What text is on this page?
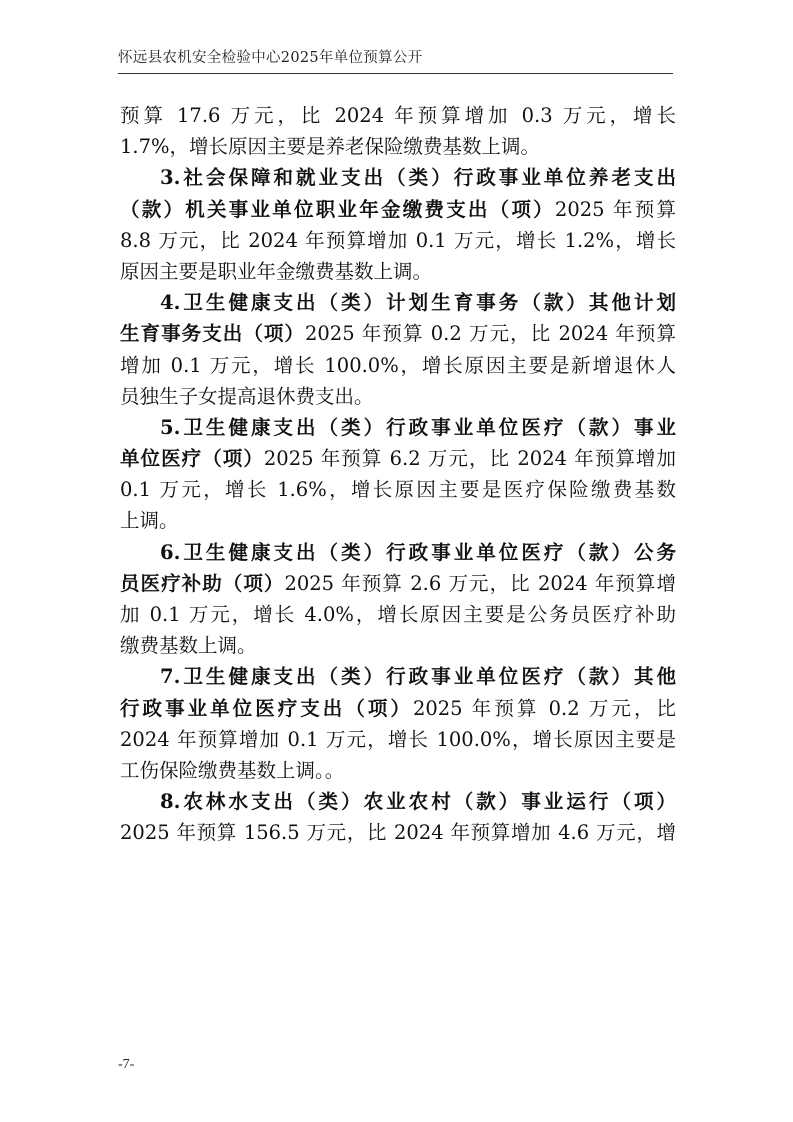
怀远县农机安全检验中心2025年单位预算公开
预算 17.6 万元，比 2024 年预算增加 0.3 万元，增长
1.7%，增长原因主要是养老保险缴费基数上调。
3.社会保障和就业支出（类）行政事业单位养老支出
（款）机关事业单位职业年金缴费支出（项）2025 年预算
8.8 万元，比 2024 年预算增加 0.1 万元，增长 1.2%，增长
原因主要是职业年金缴费基数上调。
4.卫生健康支出（类）计划生育事务（款）其他计划
生育事务支出（项）2025 年预算 0.2 万元，比 2024 年预算
增加 0.1 万元，增长 100.0%，增长原因主要是新增退休人
员独生子女提高退休费支出。
5.卫生健康支出（类）行政事业单位医疗（款）事业
单位医疗（项）2025 年预算 6.2 万元，比 2024 年预算增加
0.1 万元，增长 1.6%，增长原因主要是医疗保险缴费基数
上调。
6.卫生健康支出（类）行政事业单位医疗（款）公务
员医疗补助（项）2025 年预算 2.6 万元，比 2024 年预算增
加 0.1 万元，增长 4.0%，增长原因主要是公务员医疗补助
缴费基数上调。
7.卫生健康支出（类）行政事业单位医疗（款）其他
行政事业单位医疗支出（项）2025 年预算 0.2 万元，比
2024 年预算增加 0.1 万元，增长 100.0%，增长原因主要是
工伤保险缴费基数上调。。
8.农林水支出（类）农业农村（款）事业运行（项）
2025 年预算 156.5 万元，比 2024 年预算增加 4.6 万元，增
-7-
